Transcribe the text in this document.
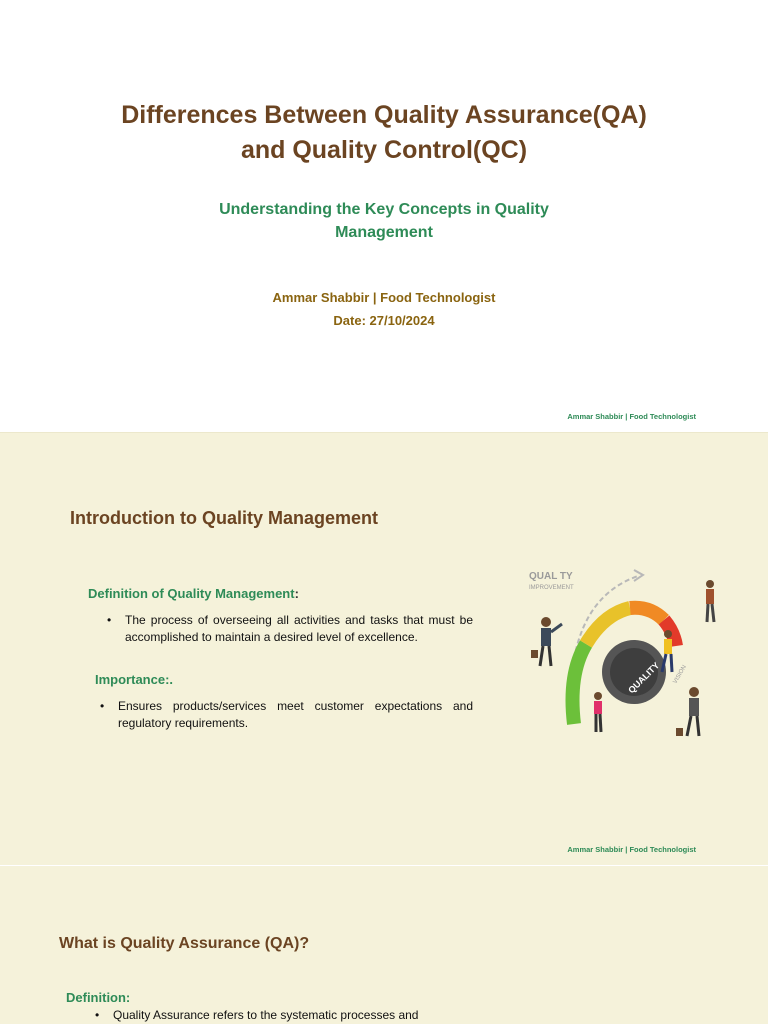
Differences Between Quality Assurance(QA)
and Quality Control(QC)
Understanding the Key Concepts in Quality
Management
Ammar Shabbir | Food Technologist
Date: 27/10/2024
Ammar Shabbir | Food Technologist
Introduction to Quality Management
Definition of Quality Management:
• The process of overseeing all activities and tasks that must be accomplished to maintain a desired level of excellence.
Importance:.
• Ensures products/services meet customer expectations and regulatory requirements.
QUAL TY
IMPROVEMENT
QUALITY VISION
Ammar Shabbir | Food Technologist
What is Quality Assurance (QA)?
Definition:
• Quality Assurance refers to the systematic processes and
